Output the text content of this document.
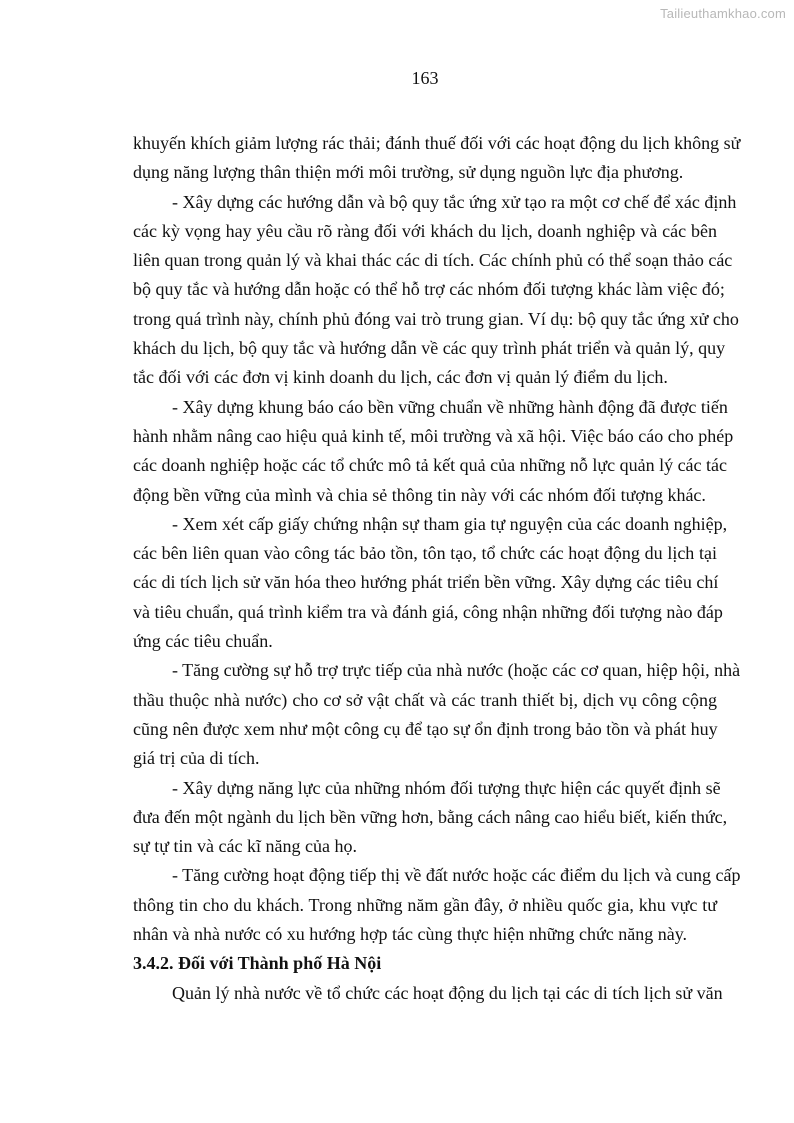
Tailieuthamkhao.com
163
khuyến khích giảm lượng rác thải; đánh thuế đối với các hoạt động du lịch không sử
dụng năng lượng thân thiện mới môi trường, sử dụng nguồn lực địa phương.
- Xây dựng các hướng dẫn và bộ quy tắc ứng xử tạo ra một cơ chế để xác định
các kỳ vọng hay yêu cầu rõ ràng đối với khách du lịch, doanh nghiệp và các bên
liên quan trong quản lý và khai thác các di tích. Các chính phủ có thể soạn thảo các
bộ quy tắc và hướng dẫn hoặc có thể hỗ trợ các nhóm đối tượng khác làm việc đó;
trong quá trình này, chính phủ đóng vai trò trung gian. Ví dụ: bộ quy tắc ứng xử cho
khách du lịch, bộ quy tắc và hướng dẫn về các quy trình phát triển và quản lý, quy
tắc đối với các đơn vị kinh doanh du lịch, các đơn vị quản lý điểm du lịch.
- Xây dựng khung báo cáo bền vững chuẩn về những hành động đã được tiến
hành nhằm nâng cao hiệu quả kinh tế, môi trường và xã hội. Việc báo cáo cho phép
các doanh nghiệp hoặc các tổ chức mô tả kết quả của những nỗ lực quản lý các tác
động bền vững của mình và chia sẻ thông tin này với các nhóm đối tượng khác.
- Xem xét cấp giấy chứng nhận sự tham gia tự nguyện của các doanh nghiệp,
các bên liên quan vào công tác bảo tồn, tôn tạo, tổ chức các hoạt động du lịch tại
các di tích lịch sử văn hóa theo hướng phát triển bền vững. Xây dựng các tiêu chí
và tiêu chuẩn, quá trình kiểm tra và đánh giá, công nhận những đối tượng nào đáp
ứng các tiêu chuẩn.
- Tăng cường sự hỗ trợ trực tiếp của nhà nước (hoặc các cơ quan, hiệp hội, nhà
thầu thuộc nhà nước) cho cơ sở vật chất và các tranh thiết bị, dịch vụ công cộng
cũng nên được xem như một công cụ để tạo sự ổn định trong bảo tồn và phát huy
giá trị của di tích.
- Xây dựng năng lực của những nhóm đối tượng thực hiện các quyết định sẽ
đưa đến một ngành du lịch bền vững hơn, bằng cách nâng cao hiểu biết, kiến thức,
sự tự tin và các kĩ năng của họ.
- Tăng cường hoạt động tiếp thị về đất nước hoặc các điểm du lịch và cung cấp
thông tin cho du khách. Trong những năm gần đây, ở nhiều quốc gia, khu vực tư
nhân và nhà nước có xu hướng hợp tác cùng thực hiện những chức năng này.
3.4.2. Đối với Thành phố Hà Nội
Quản lý nhà nước về tổ chức các hoạt động du lịch tại các di tích lịch sử văn
